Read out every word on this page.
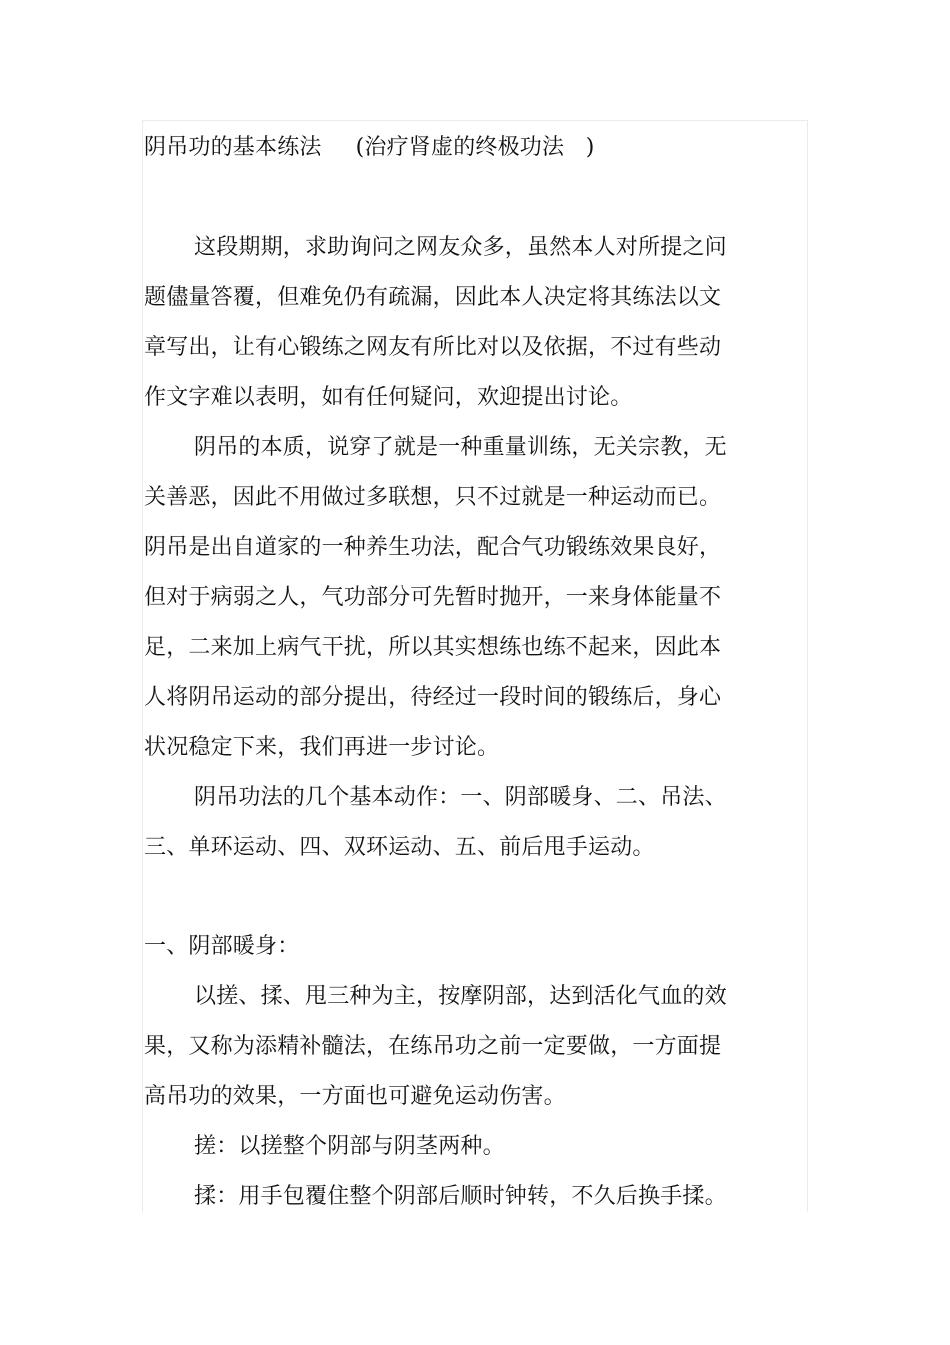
阴吊功的基本练法 (治疗肾虚的终极功法   )
这段期期，求助询问之网友众多，虽然本人对所提之问
题儘量答覆，但难免仍有疏漏，因此本人决定将其练法以文
章写出，让有心锻练之网友有所比对以及依据，不过有些动
作文字难以表明，如有任何疑问，欢迎提出讨论。
阴吊的本质，说穿了就是一种重量训练，无关宗教，无
关善恶，因此不用做过多联想，只不过就是一种运动而已。
阴吊是出自道家的一种养生功法，配合气功锻练效果良好，
但对于病弱之人，气功部分可先暂时抛开，一来身体能量不
足，二来加上病气干扰，所以其实想练也练不起来，因此本
人将阴吊运动的部分提出，待经过一段时间的锻练后，身心
状况稳定下来，我们再进一步讨论。
阴吊功法的几个基本动作：一、阴部暖身、二、吊法、
三、单环运动、四、双环运动、五、前后甩手运动。
一、阴部暖身：
以搓、揉、甩三种为主，按摩阴部，达到活化气血的效
果，又称为添精补髓法，在练吊功之前一定要做，一方面提
高吊功的效果，一方面也可避免运动伤害。
搓：以搓整个阴部与阴茎两种。
揉：用手包覆住整个阴部后顺时钟转，不久后换手揉。
